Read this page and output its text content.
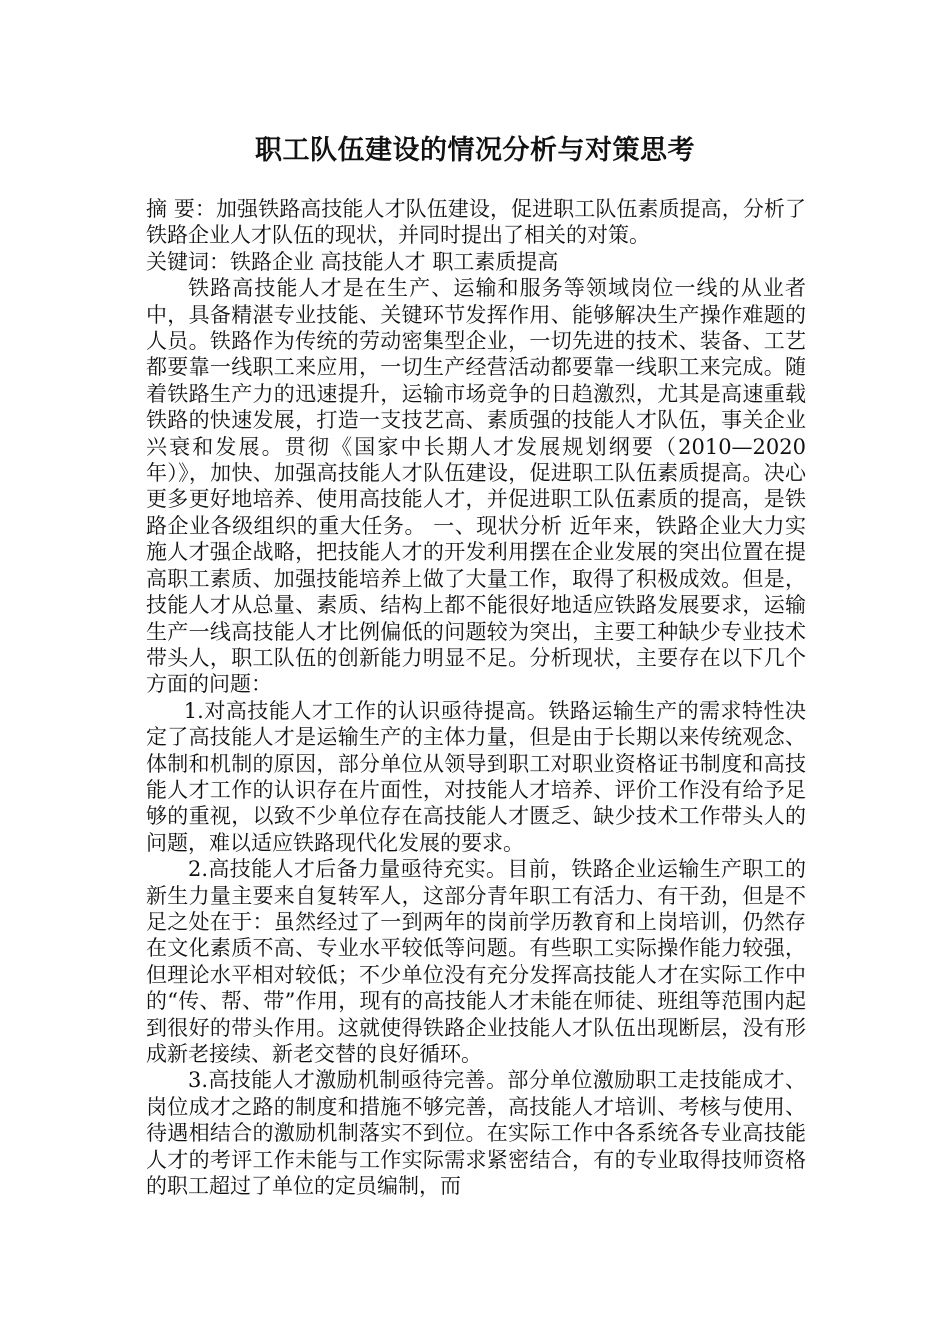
职工队伍建设的情况分析与对策思考

摘 要：加强铁路高技能人才队伍建设，促进职工队伍素质提高，分析了铁路企业人才队伍的现状，并同时提出了相关的对策。

关键词：铁路企业 高技能人才 职工素质提高

铁路高技能人才是在生产、运输和服务等领域岗位一线的从业者中，具备精湛专业技能、关键环节发挥作用、能够解决生产操作难题的人员。铁路作为传统的劳动密集型企业，一切先进的技术、装备、工艺都要靠一线职工来应用，一切生产经营活动都要靠一线职工来完成。随着铁路生产力的迅速提升，运输市场竞争的日趋激烈，尤其是高速重载铁路的快速发展，打造一支技艺高、素质强的技能人才队伍，事关企业兴衰和发展。贯彻《国家中长期人才发展规划纲要（2010—2020年）》，加快、加强高技能人才队伍建设，促进职工队伍素质提高。决心更多更好地培养、使用高技能人才，并促进职工队伍素质的提高，是铁路企业各级组织的重大任务。 一、现状分析 近年来，铁路企业大力实施人才强企战略，把技能人才的开发利用摆在企业发展的突出位置在提高职工素质、加强技能培养上做了大量工作，取得了积极成效。但是，技能人才从总量、素质、结构上都不能很好地适应铁路发展要求，运输生产一线高技能人才比例偏低的问题较为突出，主要工种缺少专业技术带头人，职工队伍的创新能力明显不足。分析现状，主要存在以下几个方面的问题：

1.对高技能人才工作的认识亟待提高。铁路运输生产的需求特性决定了高技能人才是运输生产的主体力量，但是由于长期以来传统观念、体制和机制的原因，部分单位从领导到职工对职业资格证书制度和高技能人才工作的认识存在片面性，对技能人才培养、评价工作没有给予足够的重视，以致不少单位存在高技能人才匮乏、缺少技术工作带头人的问题，难以适应铁路现代化发展的要求。

2.高技能人才后备力量亟待充实。目前，铁路企业运输生产职工的新生力量主要来自复转军人，这部分青年职工有活力、有干劲，但是不足之处在于：虽然经过了一到两年的岗前学历教育和上岗培训，仍然存在文化素质不高、专业水平较低等问题。有些职工实际操作能力较强，但理论水平相对较低；不少单位没有充分发挥高技能人才在实际工作中的“传、帮、带”作用，现有的高技能人才未能在师徒、班组等范围内起到很好的带头作用。这就使得铁路企业技能人才队伍出现断层，没有形成新老接续、新老交替的良好循环。

3.高技能人才激励机制亟待完善。部分单位激励职工走技能成才、岗位成才之路的制度和措施不够完善，高技能人才培训、考核与使用、待遇相结合的激励机制落实不到位。在实际工作中各系统各专业高技能人才的考评工作未能与工作实际需求紧密结合，有的专业取得技师资格的职工超过了单位的定员编制，而
